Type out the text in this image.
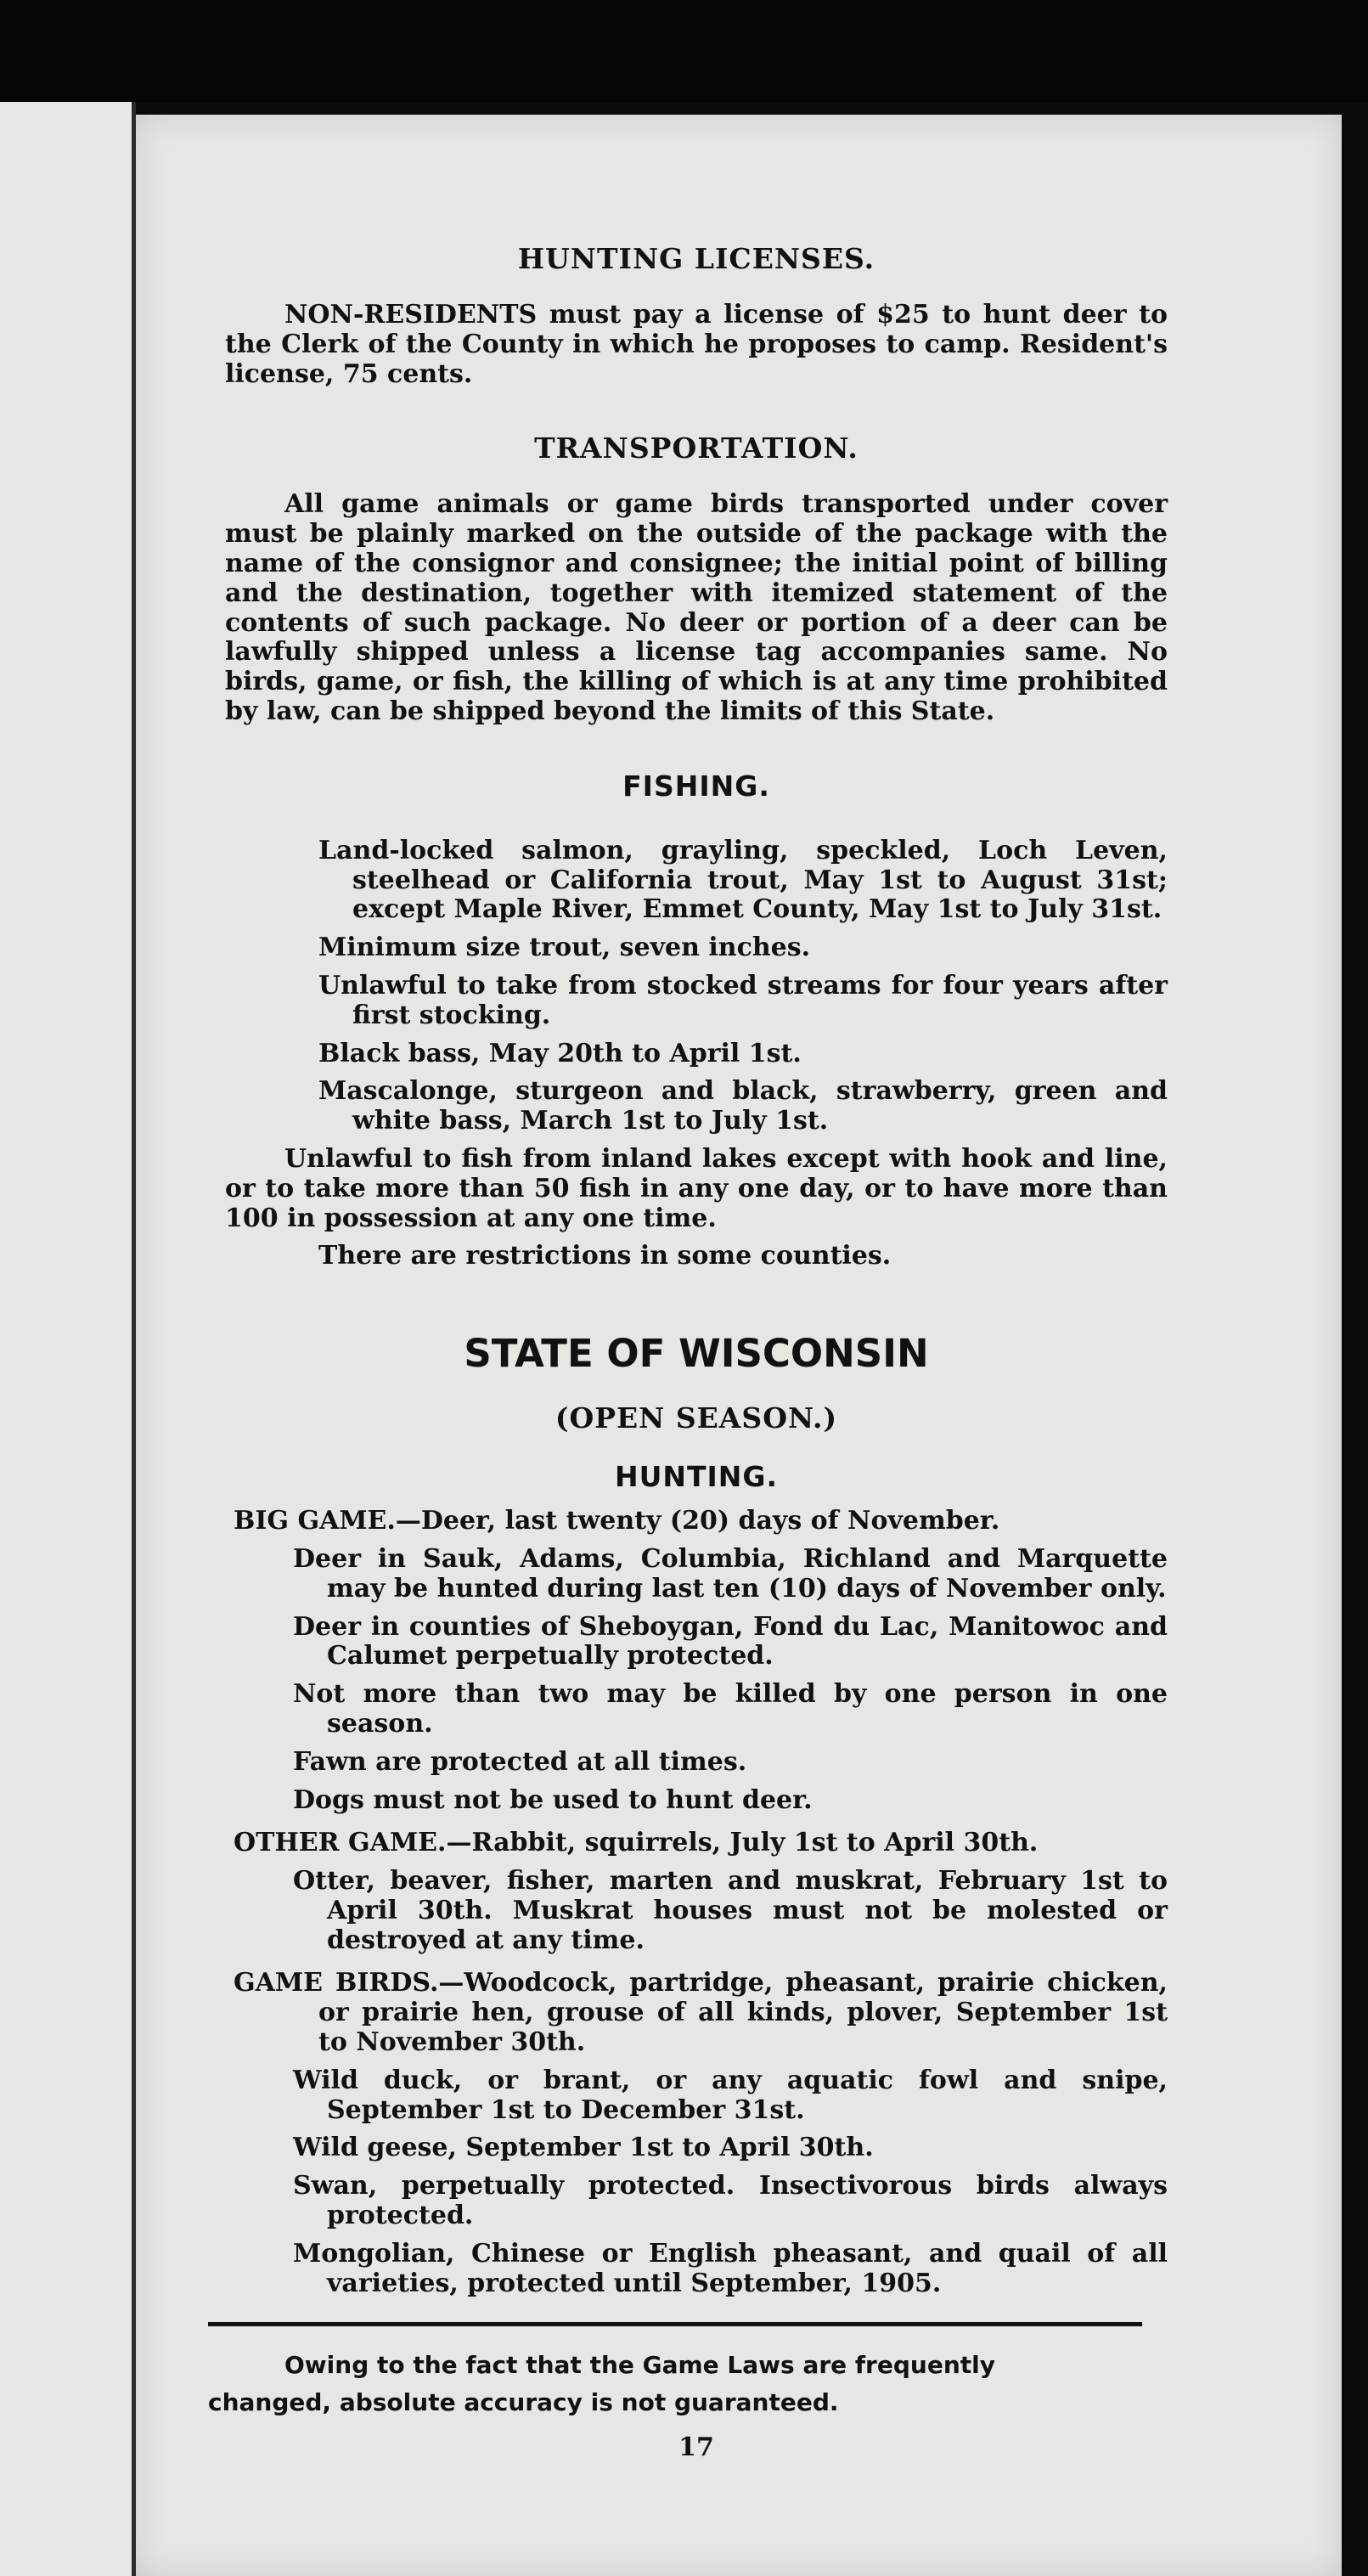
HUNTING LICENSES.

NON-RESIDENTS must pay a license of $25 to hunt deer to the Clerk of the County in which he proposes to camp. Resident's license, 75 cents.

TRANSPORTATION.

All game animals or game birds transported under cover must be plainly marked on the outside of the package with the name of the consignor and consignee; the initial point of billing and the destination, together with itemized statement of the contents of such package. No deer or portion of a deer can be lawfully shipped unless a license tag accompanies same. No birds, game, or fish, the killing of which is at any time prohibited by law, can be shipped beyond the limits of this State.

FISHING.

Land-locked salmon, grayling, speckled, Loch Leven, steelhead or California trout, May 1st to August 31st; except Maple River, Emmet County, May 1st to July 31st.

Minimum size trout, seven inches.

Unlawful to take from stocked streams for four years after first stocking.

Black bass, May 20th to April 1st.

Mascalonge, sturgeon and black, strawberry, green and white bass, March 1st to July 1st.

Unlawful to fish from inland lakes except with hook and line, or to take more than 50 fish in any one day, or to have more than 100 in possession at any one time.

There are restrictions in some counties.

STATE OF WISCONSIN
(OPEN SEASON.)
HUNTING.

BIG GAME.—Deer, last twenty (20) days of November.

Deer in Sauk, Adams, Columbia, Richland and Marquette may be hunted during last ten (10) days of November only.

Deer in counties of Sheboygan, Fond du Lac, Manitowoc and Calumet perpetually protected.

Not more than two may be killed by one person in one season.

Fawn are protected at all times.

Dogs must not be used to hunt deer.

OTHER GAME.—Rabbit, squirrels, July 1st to April 30th.

Otter, beaver, fisher, marten and muskrat, February 1st to April 30th. Muskrat houses must not be molested or destroyed at any time.

GAME BIRDS.—Woodcock, partridge, pheasant, prairie chicken, or prairie hen, grouse of all kinds, plover, September 1st to November 30th.

Wild duck, or brant, or any aquatic fowl and snipe, September 1st to December 31st.

Wild geese, September 1st to April 30th.

Swan, perpetually protected. Insectivorous birds always protected.

Mongolian, Chinese or English pheasant, and quail of all varieties, protected until September, 1905.

Owing to the fact that the Game Laws are frequently

changed, absolute accuracy is not guaranteed.

17
